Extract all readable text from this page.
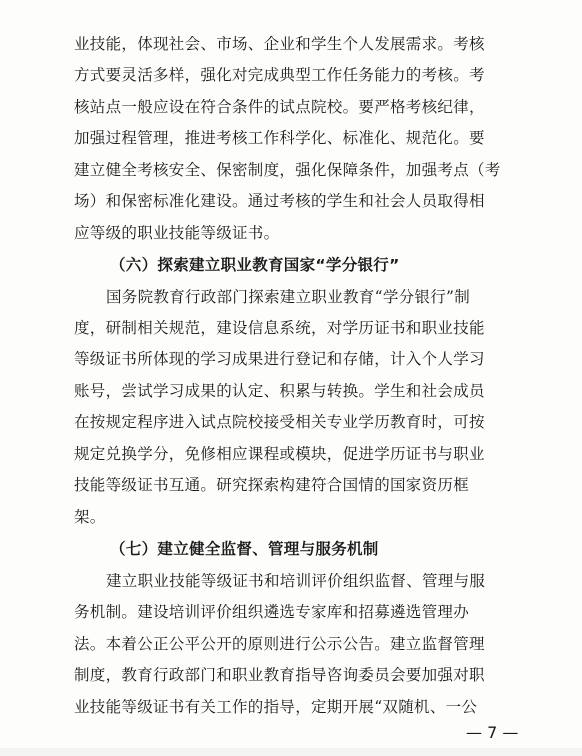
业技能，体现社会、市场、企业和学生个人发展需求。考核
方式要灵活多样，强化对完成典型工作任务能力的考核。考
核站点一般应设在符合条件的试点院校。要严格考核纪律，
加强过程管理，推进考核工作科学化、标准化、规范化。要
建立健全考核安全、保密制度，强化保障条件，加强考点（考
场）和保密标准化建设。通过考核的学生和社会人员取得相
应等级的职业技能等级证书。
（六）探索建立职业教育国家“学分银行”
国务院教育行政部门探索建立职业教育“学分银行”制
度，研制相关规范，建设信息系统，对学历证书和职业技能
等级证书所体现的学习成果进行登记和存储，计入个人学习
账号，尝试学习成果的认定、积累与转换。学生和社会成员
在按规定程序进入试点院校接受相关专业学历教育时，可按
规定兑换学分，免修相应课程或模块，促进学历证书与职业
技能等级证书互通。研究探索构建符合国情的国家资历框
架。
（七）建立健全监督、管理与服务机制
建立职业技能等级证书和培训评价组织监督、管理与服
务机制。建设培训评价组织遴选专家库和招募遴选管理办
法。本着公正公平公开的原则进行公示公告。建立监督管理
制度，教育行政部门和职业教育指导咨询委员会要加强对职
业技能等级证书有关工作的指导，定期开展“双随机、一公
— 7 —
